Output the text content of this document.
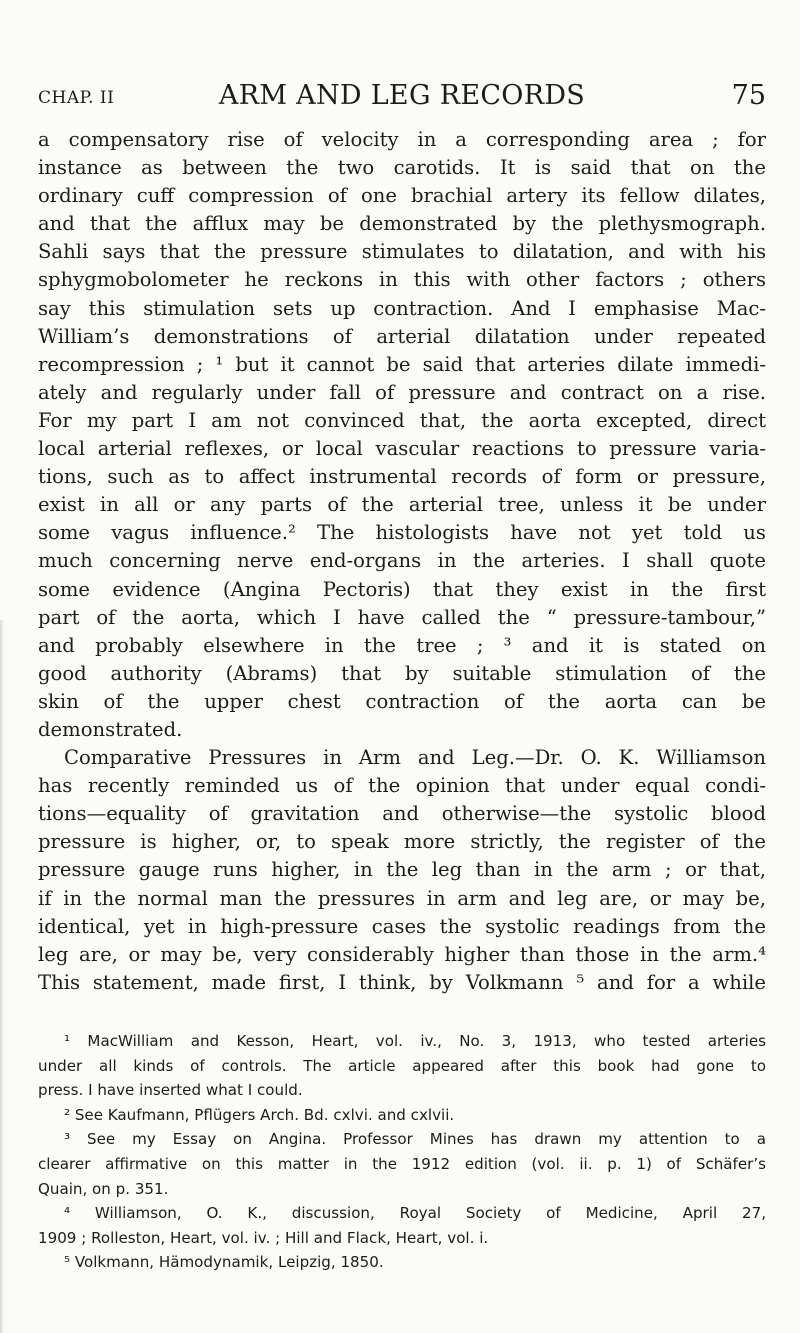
CHAP. II	ARM AND LEG RECORDS	75
a compensatory rise of velocity in a corresponding area ; for
instance as between the two carotids. It is said that on the
ordinary cuff compression of one brachial artery its fellow dilates,
and that the afflux may be demonstrated by the plethysmograph.
Sahli says that the pressure stimulates to dilatation, and with his
sphygmobolometer he reckons in this with other factors ; others
say this stimulation sets up contraction. And I emphasise Mac-
William’s demonstrations of arterial dilatation under repeated
recompression ; ¹ but it cannot be said that arteries dilate immedi-
ately and regularly under fall of pressure and contract on a rise.
For my part I am not convinced that, the aorta excepted, direct
local arterial reflexes, or local vascular reactions to pressure varia-
tions, such as to affect instrumental records of form or pressure,
exist in all or any parts of the arterial tree, unless it be under
some vagus influence.² The histologists have not yet told us
much concerning nerve end-organs in the arteries. I shall quote
some evidence (Angina Pectoris) that they exist in the first
part of the aorta, which I have called the “ pressure-tambour,”
and probably elsewhere in the tree ; ³ and it is stated on
good authority (Abrams) that by suitable stimulation of the
skin of the upper chest contraction of the aorta can be
demonstrated.
Comparative Pressures in Arm and Leg.—Dr. O. K. Williamson
has recently reminded us of the opinion that under equal condi-
tions—equality of gravitation and otherwise—the systolic blood
pressure is higher, or, to speak more strictly, the register of the
pressure gauge runs higher, in the leg than in the arm ; or that,
if in the normal man the pressures in arm and leg are, or may be,
identical, yet in high-pressure cases the systolic readings from the
leg are, or may be, very considerably higher than those in the arm.⁴
This statement, made first, I think, by Volkmann ⁵ and for a while
¹ MacWilliam and Kesson, Heart, vol. iv., No. 3, 1913, who tested arteries
under all kinds of controls. The article appeared after this book had gone to
press. I have inserted what I could.
² See Kaufmann, Pflügers Arch. Bd. cxlvi. and cxlvii.
³ See my Essay on Angina. Professor Mines has drawn my attention to a
clearer affirmative on this matter in the 1912 edition (vol. ii. p. 1) of Schäfer’s
Quain, on p. 351.
⁴ Williamson, O. K., discussion, Royal Society of Medicine, April 27,
1909 ; Rolleston, Heart, vol. iv. ; Hill and Flack, Heart, vol. i.
⁵ Volkmann, Hämodynamik, Leipzig, 1850.
